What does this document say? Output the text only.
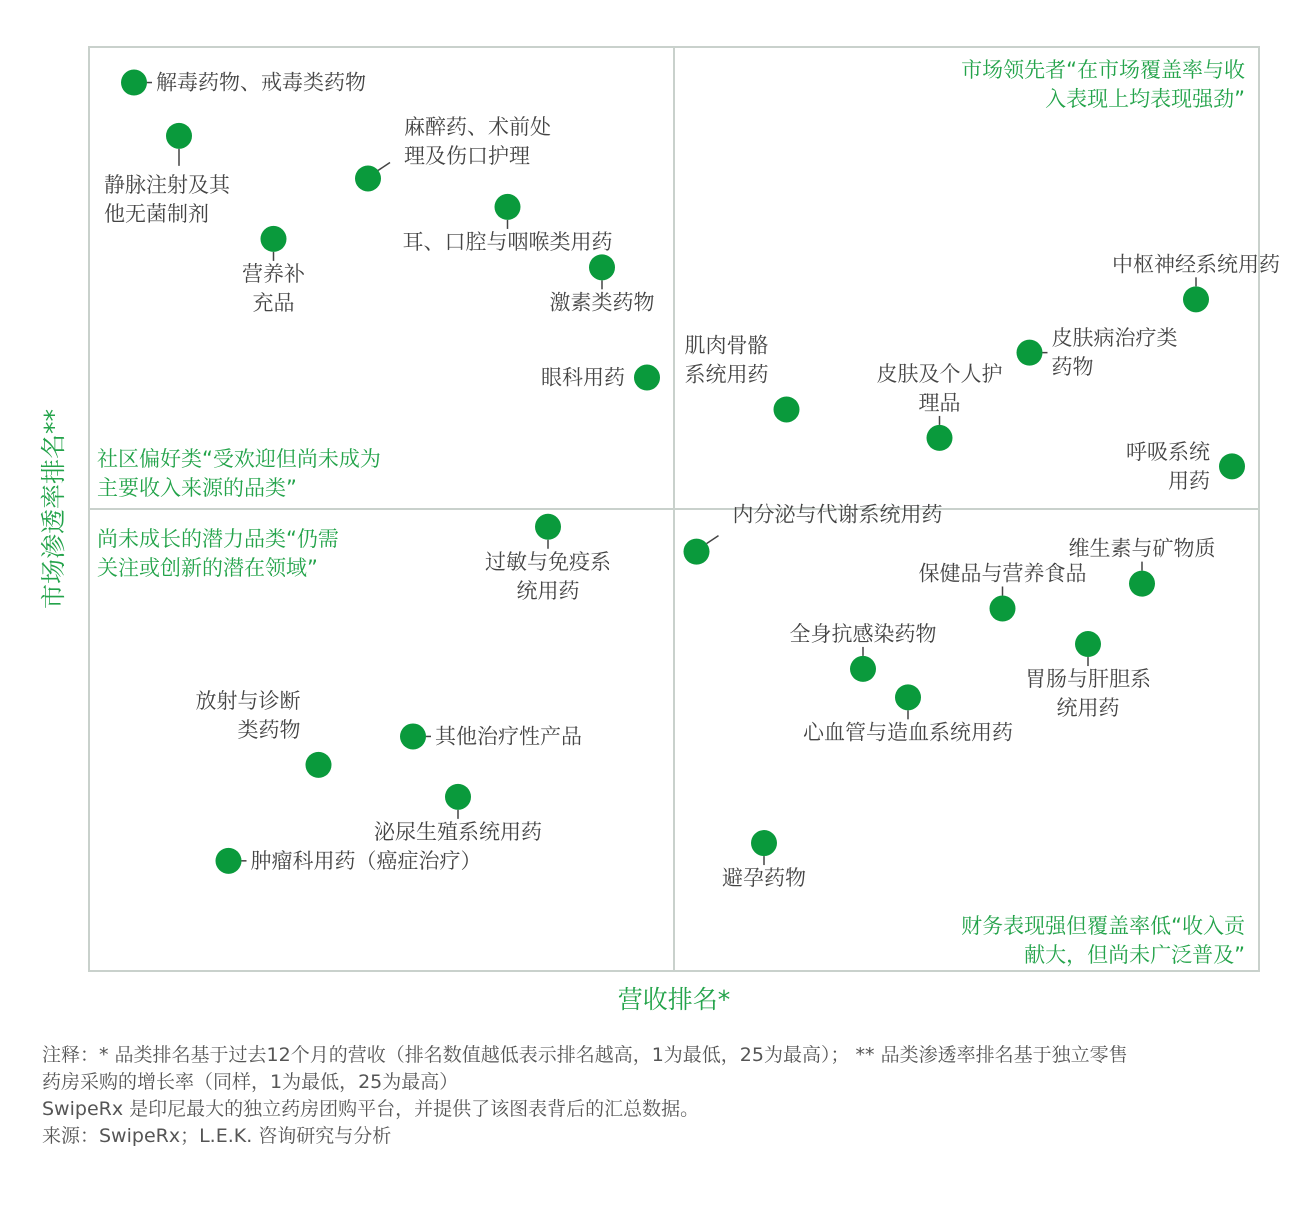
市场领先者“在市场覆盖率与收
入表现上均表现强劲”
社区偏好类“受欢迎但尚未成为
主要收入来源的品类”
尚未成长的潜力品类“仍需
关注或创新的潜在领域”
财务表现强但覆盖率低“收入贡
献大，但尚未广泛普及”
解毒药物、戒毒类药物
静脉注射及其
他无菌制剂
麻醉药、术前处
理及伤口护理
耳、口腔与咽喉类用药
营养补
充品	激素类药物
眼科用药
中枢神经系统用药
皮肤病治疗类
药物
肌肉骨骼
系统用药	皮肤及个人护
理品
呼吸系统
用药
过敏与免疫系
统用药
内分泌与代谢系统用药
维生素与矿物质
保健品与营养食品
胃肠与肝胆系
统用药
全身抗感染药物
心血管与造血系统用药
其他治疗性产品
放射与诊断
类药物
泌尿生殖系统用药
肿瘤科用药（癌症治疗）
避孕药物
营收排名*
市场渗透率排名**
注释：* 品类排名基于过去12个月的营收（排名数值越低表示排名越高，1为最低，25为最高）； ** 品类渗透率排名基于独立零售
药房采购的增长率（同样，1为最低，25为最高）
SwipeRx 是印尼最大的独立药房团购平台，并提供了该图表背后的汇总数据。
来源：SwipeRx；L.E.K. 咨询研究与分析
